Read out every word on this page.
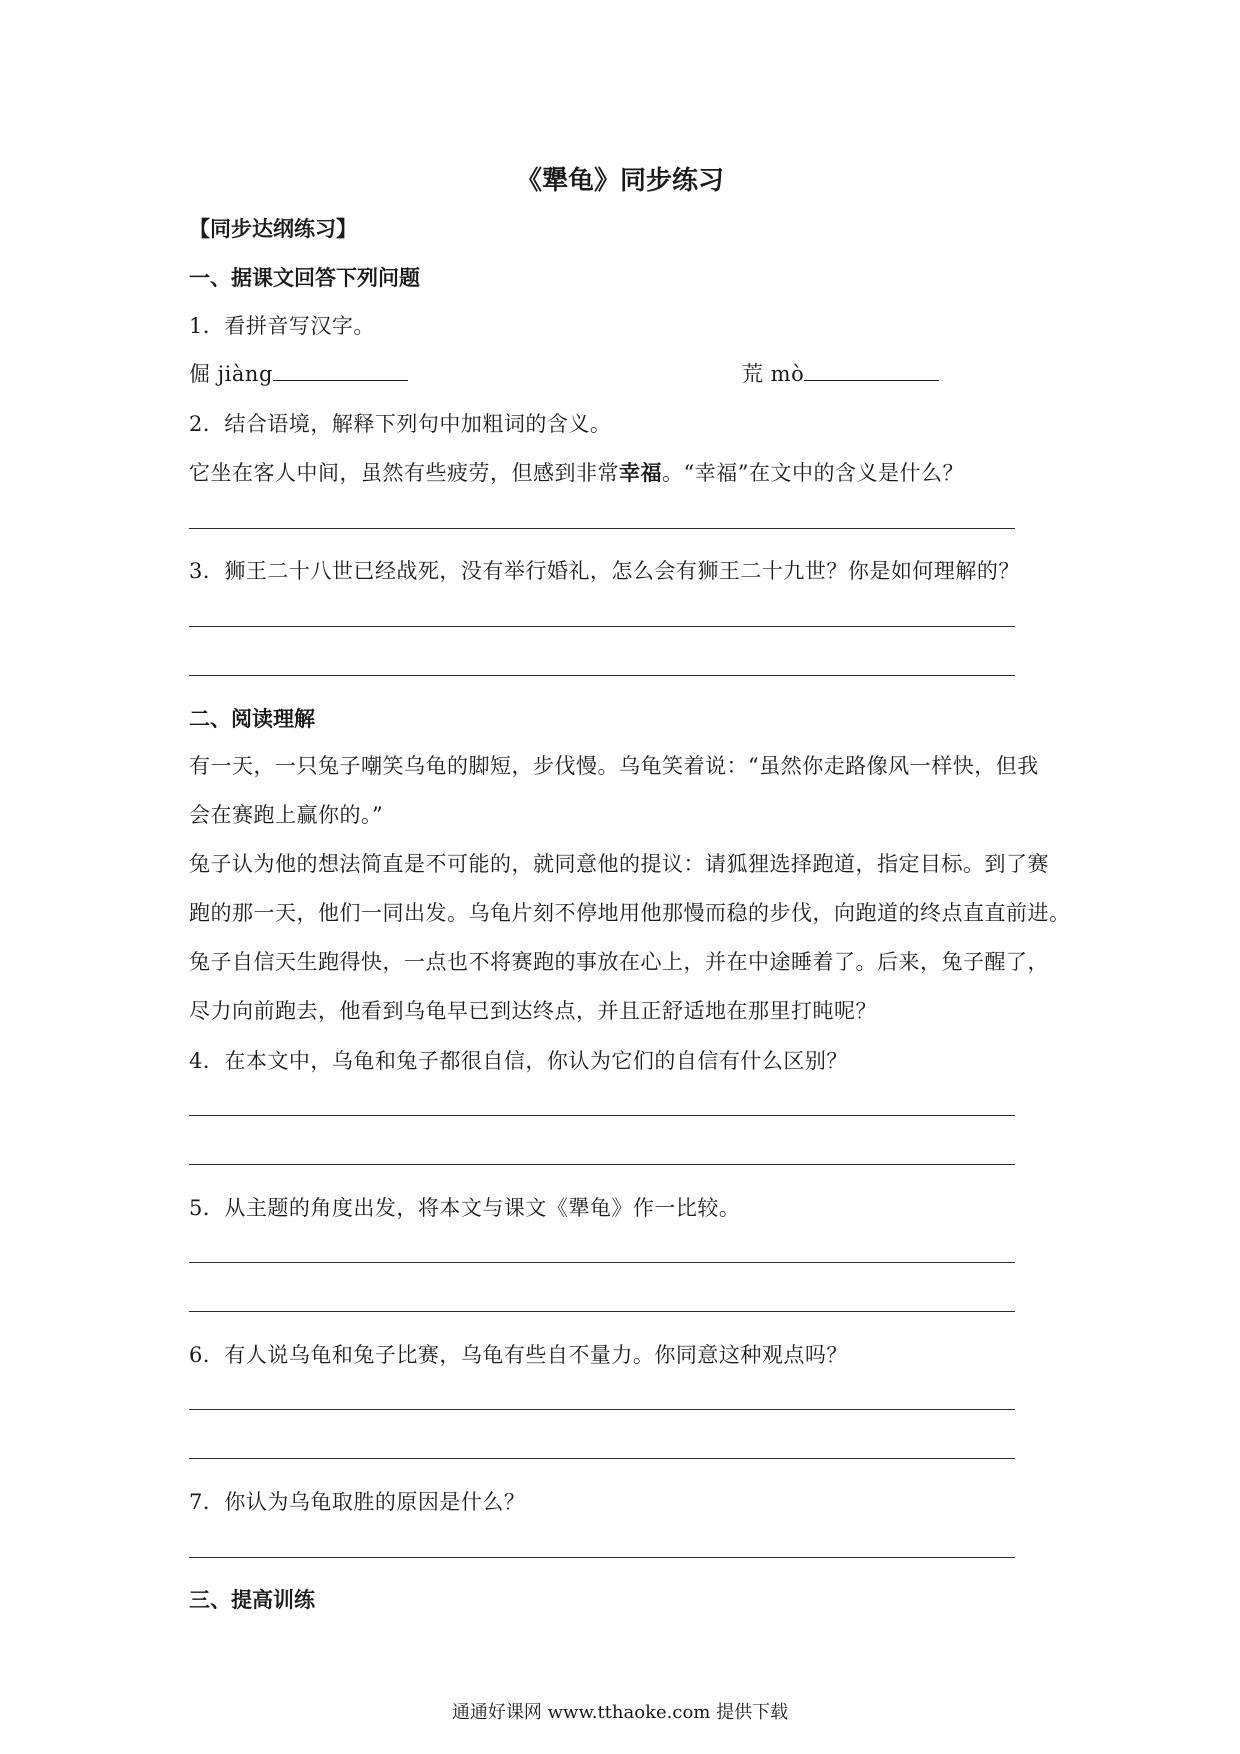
《犟龟》同步练习
【同步达纲练习】
一、据课文回答下列问题
1．看拼音写汉字。
倔 jiàng	荒 mò
2．结合语境，解释下列句中加粗词的含义。
它坐在客人中间，虽然有些疲劳，但感到非常幸福。“幸福”在文中的含义是什么？
3．狮王二十八世已经战死，没有举行婚礼，怎么会有狮王二十九世？你是如何理解的？
二、阅读理解
有一天，一只兔子嘲笑乌龟的脚短，步伐慢。乌龟笑着说：“虽然你走路像风一样快，但我
会在赛跑上赢你的。”
兔子认为他的想法简直是不可能的，就同意他的提议：请狐狸选择跑道，指定目标。到了赛
跑的那一天，他们一同出发。乌龟片刻不停地用他那慢而稳的步伐，向跑道的终点直直前进。
兔子自信天生跑得快，一点也不将赛跑的事放在心上，并在中途睡着了。后来，兔子醒了，
尽力向前跑去，他看到乌龟早已到达终点，并且正舒适地在那里打盹呢？
4．在本文中，乌龟和兔子都很自信，你认为它们的自信有什么区别？
5．从主题的角度出发，将本文与课文《犟龟》作一比较。
6．有人说乌龟和兔子比赛，乌龟有些自不量力。你同意这种观点吗？
7．你认为乌龟取胜的原因是什么？
三、提高训练
通通好课网 www.tthaoke.com 提供下载
